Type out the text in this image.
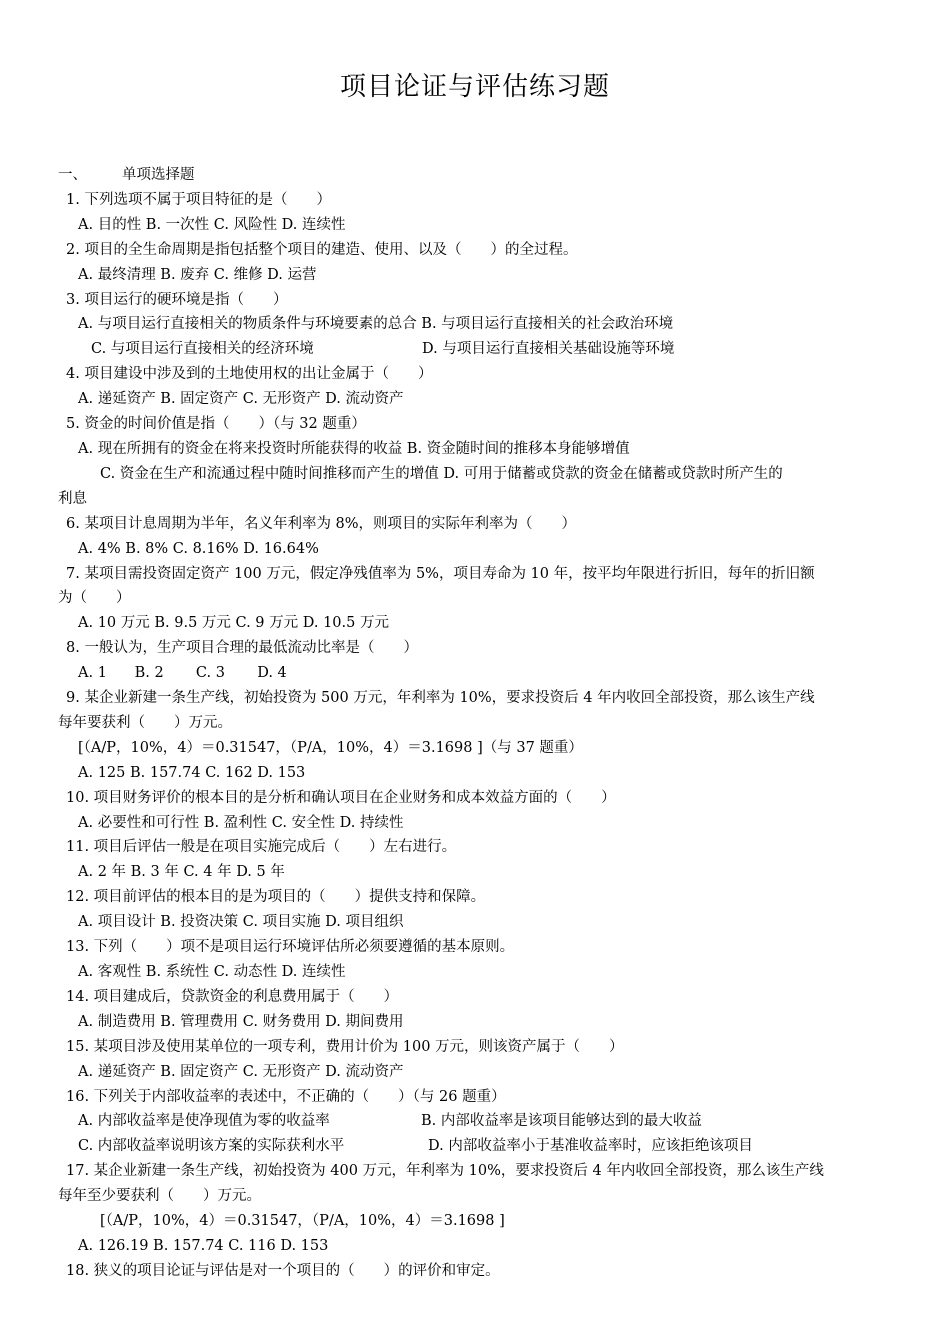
项目论证与评估练习题
一、 单项选择题
1. 下列选项不属于项目特征的是（　　）
A. 目的性 B. 一次性 C. 风险性 D. 连续性
2. 项目的全生命周期是指包括整个项目的建造、使用、以及（　　）的全过程。
A. 最终清理 B. 废弃 C. 维修 D. 运营
3. 项目运行的硬环境是指（　　）
A. 与项目运行直接相关的物质条件与环境要素的总合 B. 与项目运行直接相关的社会政治环境
C. 与项目运行直接相关的经济环境	D. 与项目运行直接相关基础设施等环境
4. 项目建设中涉及到的土地使用权的出让金属于（　　）
A. 递延资产 B. 固定资产 C. 无形资产 D. 流动资产
5. 资金的时间价值是指（　　）（与 32 题重）
A. 现在所拥有的资金在将来投资时所能获得的收益 B. 资金随时间的推移本身能够增值
C. 资金在生产和流通过程中随时间推移而产生的增值 D. 可用于储蓄或贷款的资金在储蓄或贷款时所产生的
利息
6. 某项目计息周期为半年，名义年利率为 8%，则项目的实际年利率为（　　）
A. 4% B. 8% C. 8.16% D. 16.64%
7. 某项目需投资固定资产 100 万元，假定净残值率为 5%，项目寿命为 10 年，按平均年限进行折旧，每年的折旧额
为（　　）
A. 10 万元 B. 9.5 万元 C. 9 万元 D. 10.5 万元
8. 一般认为，生产项目合理的最低流动比率是（　　）
A. 1      B. 2       C. 3       D. 4
9. 某企业新建一条生产线，初始投资为 500 万元，年利率为 10%，要求投资后 4 年内收回全部投资，那么该生产线
每年要获利（　　）万元。
[（A/P，10%，4）＝0.31547，（P/A，10%，4）＝3.1698 ]（与 37 题重）
A. 125 B. 157.74 C. 162 D. 153
10. 项目财务评价的根本目的是分析和确认项目在企业财务和成本效益方面的（　　）
A. 必要性和可行性 B. 盈利性 C. 安全性 D. 持续性
11. 项目后评估一般是在项目实施完成后（　　）左右进行。
A. 2 年 B. 3 年 C. 4 年 D. 5 年
12. 项目前评估的根本目的是为项目的（　　）提供支持和保障。
A. 项目设计 B. 投资决策 C. 项目实施 D. 项目组织
13. 下列（　　）项不是项目运行环境评估所必须要遵循的基本原则。
A. 客观性 B. 系统性 C. 动态性 D. 连续性
14. 项目建成后，贷款资金的利息费用属于（　　）
A. 制造费用 B. 管理费用 C. 财务费用 D. 期间费用
15. 某项目涉及使用某单位的一项专利，费用计价为 100 万元，则该资产属于（　　）
A. 递延资产 B. 固定资产 C. 无形资产 D. 流动资产
16. 下列关于内部收益率的表述中，不正确的（　　）（与 26 题重）
A. 内部收益率是使净现值为零的收益率	B. 内部收益率是该项目能够达到的最大收益
C. 内部收益率说明该方案的实际获利水平	D. 内部收益率小于基准收益率时，应该拒绝该项目
17. 某企业新建一条生产线，初始投资为 400 万元，年利率为 10%，要求投资后 4 年内收回全部投资，那么该生产线
每年至少要获利（　　）万元。
[（A/P，10%，4）＝0.31547，（P/A，10%，4）＝3.1698 ]
A. 126.19 B. 157.74 C. 116 D. 153
18. 狭义的项目论证与评估是对一个项目的（　　）的评价和审定。
